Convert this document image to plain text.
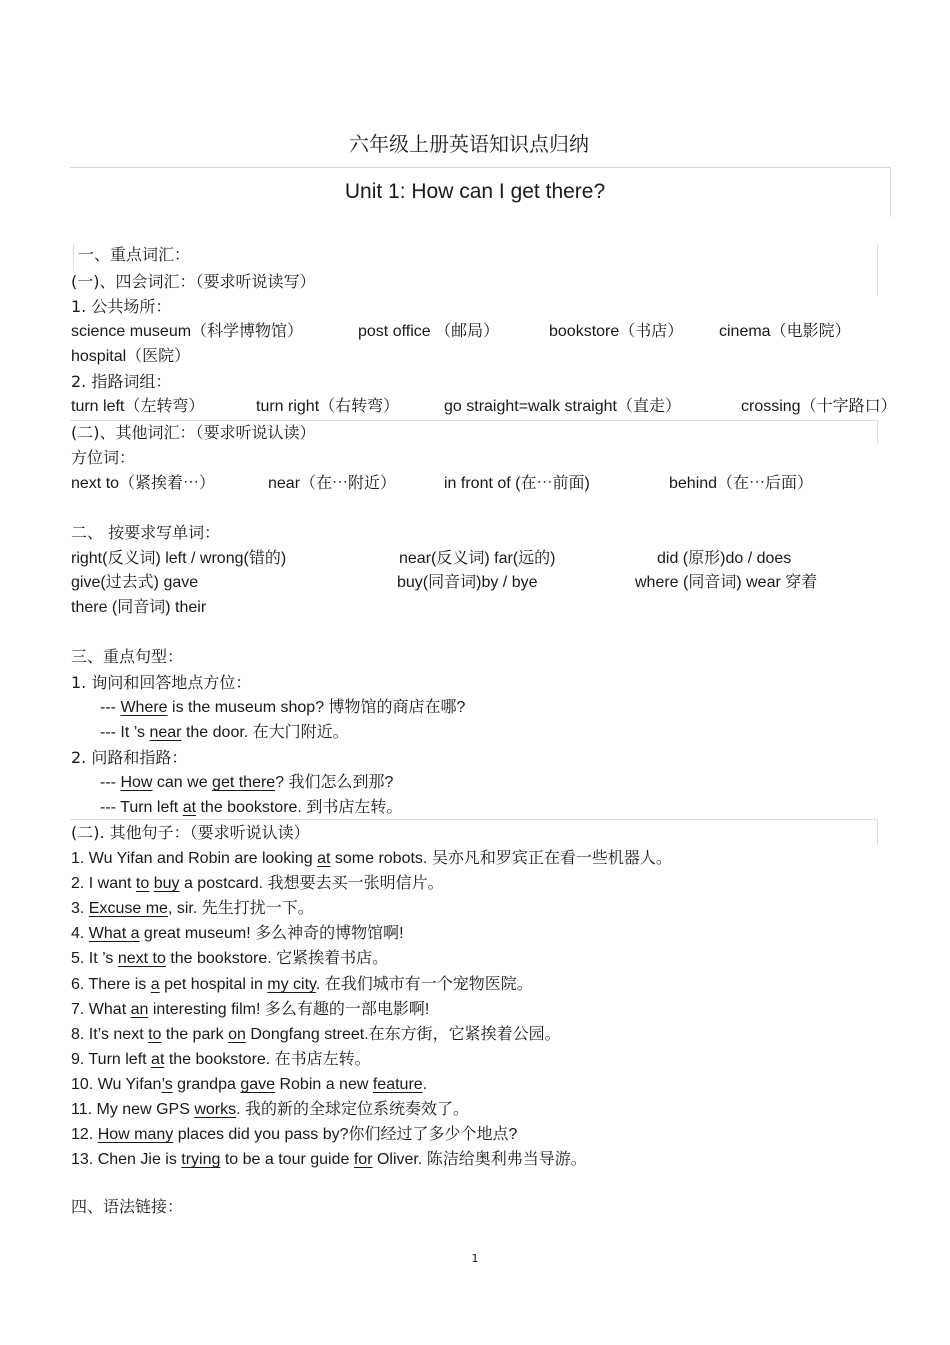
六年级上册英语知识点归纳
Unit 1: How can I get there?
一、重点词汇：
(一)、四会词汇：（要求听说读写）
1. 公共场所：
science museum（科学博物馆）	post office （邮局）	bookstore（书店） cinema（电影院）
hospital（医院）
2. 指路词组：
turn left（左转弯）	turn right（右转弯）	go straight=walk straight（直走）	crossing（十字路口）
(二)、其他词汇：（要求听说认读）
方位词：
next to（紧挨着⋯）	near（在⋯附近）	in front of (在⋯前面)	behind（在⋯后面）
二、 按要求写单词：
right(反义词) left / wrong(错的)	near(反义词) far(远的)	did (原形)do / does
give(过去式) gave	buy(同音词)by / bye	where (同音词) wear 穿着
there (同音词) their
三、重点句型：
1. 询问和回答地点方位：
--- Where is the museum shop? 博物馆的商店在哪?
--- It ’s near the door. 在大门附近。
2. 问路和指路：
--- How can we get there? 我们怎么到那?
--- Turn left at the bookstore. 到书店左转。
(二). 其他句子：（要求听说认读）
1. Wu Yifan and Robin are looking at some robots. 吴亦凡和罗宾正在看一些机器人。
2. I want to buy a postcard. 我想要去买一张明信片。
3. Excuse me, sir. 先生打扰一下。
4. What a great museum! 多么神奇的博物馆啊!
5. It ’s next to the bookstore. 它紧挨着书店。
6. There is a pet hospital in my city. 在我们城市有一个宠物医院。
7. What an interesting film! 多么有趣的一部电影啊!
8. It’s next to the park on Dongfang street.在东方街，它紧挨着公园。
9. Turn left at the bookstore. 在书店左转。
10. Wu Yifan’s grandpa gave Robin a new feature.
11. My new GPS works. 我的新的全球定位系统奏效了。
12. How many places did you pass by?你们经过了多少个地点?
13. Chen Jie is trying to be a tour guide for Oliver. 陈洁给奥利弗当导游。
四、语法链接：
1
